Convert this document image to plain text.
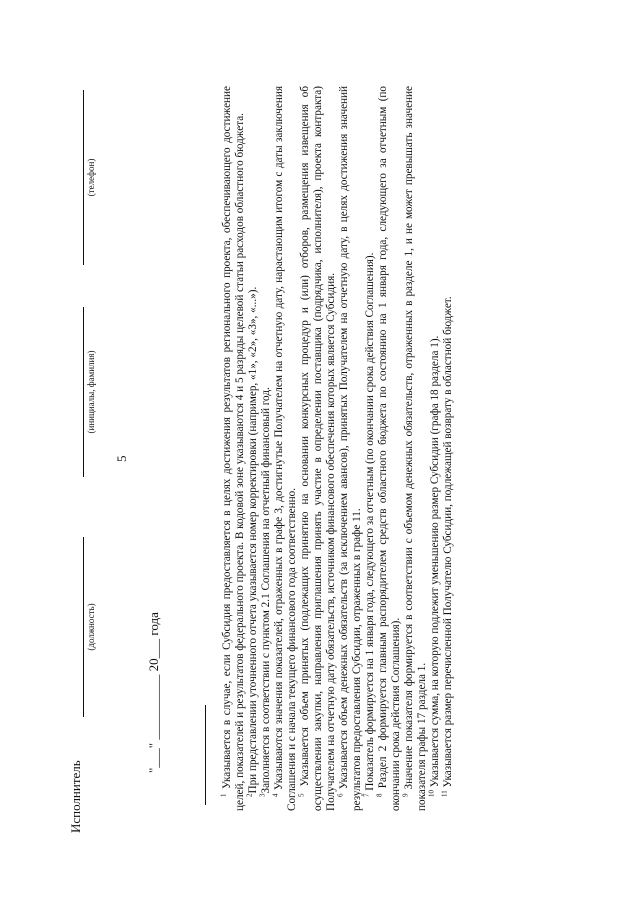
5
Исполнитель
(должность)
(инициалы, фамилия)
(телефон)
"___" __________ 20___ года

$^1$ Указывается в случае, если Субсидия предоставляется в целях достижения результатов регионального проекта, обеспечивающего достижение целей, показателей и результатов федерального проекта. В кодовой зоне указываются 4 и 5 разряды целевой статьи расходов областного бюджета. $^2$При представлении уточненного отчета указывается номер корректировки (например, «1», «2», «3», «...»).

$^3$Заполняется в соответствии с пунктом 2.1 Соглашения на отчетный финансовый год.

$^4$ Указываются значения показателей, отраженных в графе 3, достигнутые Получателем на отчетную дату, нарастающим итогом с даты заключения Соглашения и с начала текущего финансового года соответственно. $^5$ Указывается объем принятых (подлежащих принятию на основании конкурсных процедур и (или) отборов, размещения извещения об осуществлении закупки, направления приглашения принять участие в определении поставщика (подрядчика, исполнителя), проекта контракта) Получателем на отчетную дату обязательств, источником финансового обеспечения которых является Субсидия. $^6$ Указывается объем денежных обязательств (за исключением авансов), принятых Получателем на отчетную дату, в целях достижения значений результатов предоставления Субсидии, отраженных в графе 11. $^7$ Показатель формируется на 1 января года, следующего за отчетным (по окончании срока действия Соглашения).

$^8$ Раздел 2 формируется главным распорядителем средств областного бюджета по состоянию на 1 января года, следующего за отчетным (по окончании срока действия Соглашения). $^9$ Значение показателя формируется в соответствии с объемом денежных обязательств, отраженных в разделе 1, и не может превышать значение показателя графы 17 раздела 1. $^{10}$ Указывается сумма, на которую подлежит уменьшению размер Субсидии (графа 18 раздела 1).

$^{11}$ Указывается размер перечисленной Получателю Субсидии, подлежащей возврату в областной бюджет.
